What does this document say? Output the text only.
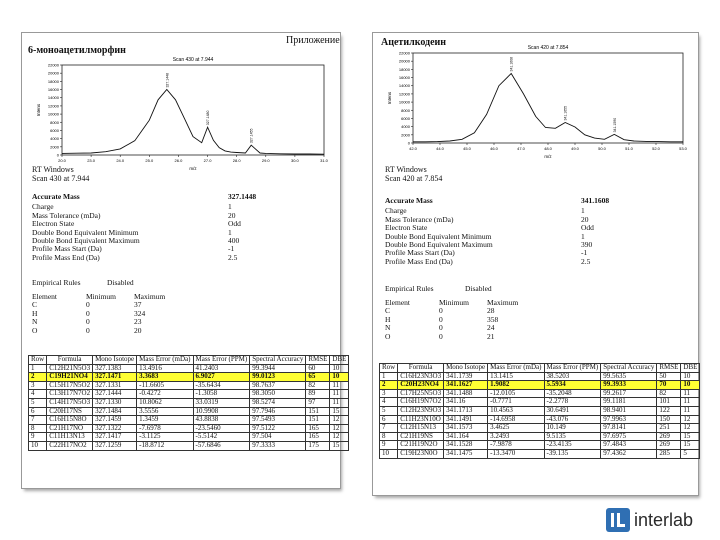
Приложение
6-моноацетилморфин
Scan 430 at 7.944
Intens
m/z
0
2000
4000
6000
8000
10000
12000
14000
16000
18000
20000
22000
20.0	23.0	24.0	25.0	26.0	27.0	28.0	29.0	30.0	31.0
327.1448
327.1480
327.1455
RT Windows
Scan 430 at 7.944
Accurate Mass	327.1448
Charge	1
Mass Tolerance (mDa)	20
Electron State	Odd
Double Bond Equivalent Minimum	1
Double Bond Equivalent Maximum	400
Profile Mass Start (Da)	-1
Profile Mass End (Da)	2.5
Empirical Rules	Disabled
Element	Minimum	Maximum
C	0	37
H	0	324
N	0	23
O	0	20
Row	Formula	Mono Isotope	Mass Error (mDa)	Mass Error (PPM)	Spectral Accuracy	RMSE	DBE
1	C12H21N5O3	327.1383	13.4916	41.2403	99.3944	60	10
2	C19H21NO4	327.1471	3.3683	6.9027	99.0123	65	10
3	C15H17N5O2	327.1331	-11.6605	-35.6434	98.7637	82	11
4	C13H17N7O2	327.1444	-0.4272	-1.3058	98.3050	89	11
5	C14H17N5O3	327.1330	10.8062	33.0319	98.5274	97	11
6	C20H17NS	327.1484	3.5556	10.9908	97.7946	151	15
7	C16H15N8O	327.1459	1.3459	43.8838	97.5493	151	12
8	C21H17NO	327.1322	-7.6978	-23.5460	97.5122	165	12
9	C11H13N13	327.1417	-3.1125	-5.5142	97.504	165	12
10	C22H17NO2	327.1259	-18.8712	-57.6846	97.3333	175	15
Ацетилкодеин	Scan 420 at 7.854
Intens
m/z
0
2000
4000
6000
8000
10000
12000
14000
16000
18000
20000
22000
42.0	44.0	45.0	46.0	47.0	48.0	49.0	50.0	51.0	52.0	53.0
341.1608
341.1655
341.1590
RT Windows
Scan 420 at 7.854
Accurate Mass	341.1608
Charge	1
Mass Tolerance (mDa)	20
Electron State	Odd
Double Bond Equivalent Minimum	1
Double Bond Equivalent Maximum	390
Profile Mass Start (Da)	-1
Profile Mass End (Da)	2.5
Empirical Rules	Disabled
Element	Minimum	Maximum
C	0	28
H	0	358
N	0	24
O	0	21
Row	Formula	Mono Isotope	Mass Error (mDa)	Mass Error (PPM)	Spectral Accuracy	RMSE	DBE
1	C16H23N3O3	341.1739	13.1415	38.5203	99.5635	50	10
2	C20H23NO4	341.1627	1.9082	5.5934	99.3933	70	10
3	C17H25N5O3	341.1488	-12.0105	-35.2048	99.2617	82	11
4	C16H19N7O2	341.16	-0.7771	-2.2778	99.1181	101	11
5	C12H23N9O3	341.1713	10.4563	30.6491	98.9401	122	11
6	C11H23N10O	341.1491	-14.6958	-43.076	97.9963	150	12
7	C12H15N13	341.1573	3.4625	10.149	97.8141	251	12
8	C21H19NS	341.164	3.2493	9.5135	97.6975	269	15
9	C21H19N2O	341.1528	-7.9878	-23.4135	97.4843	269	15
10	C19H23N0O	341.1475	-13.3470	-39.135	97.4362	285	5
interlab
